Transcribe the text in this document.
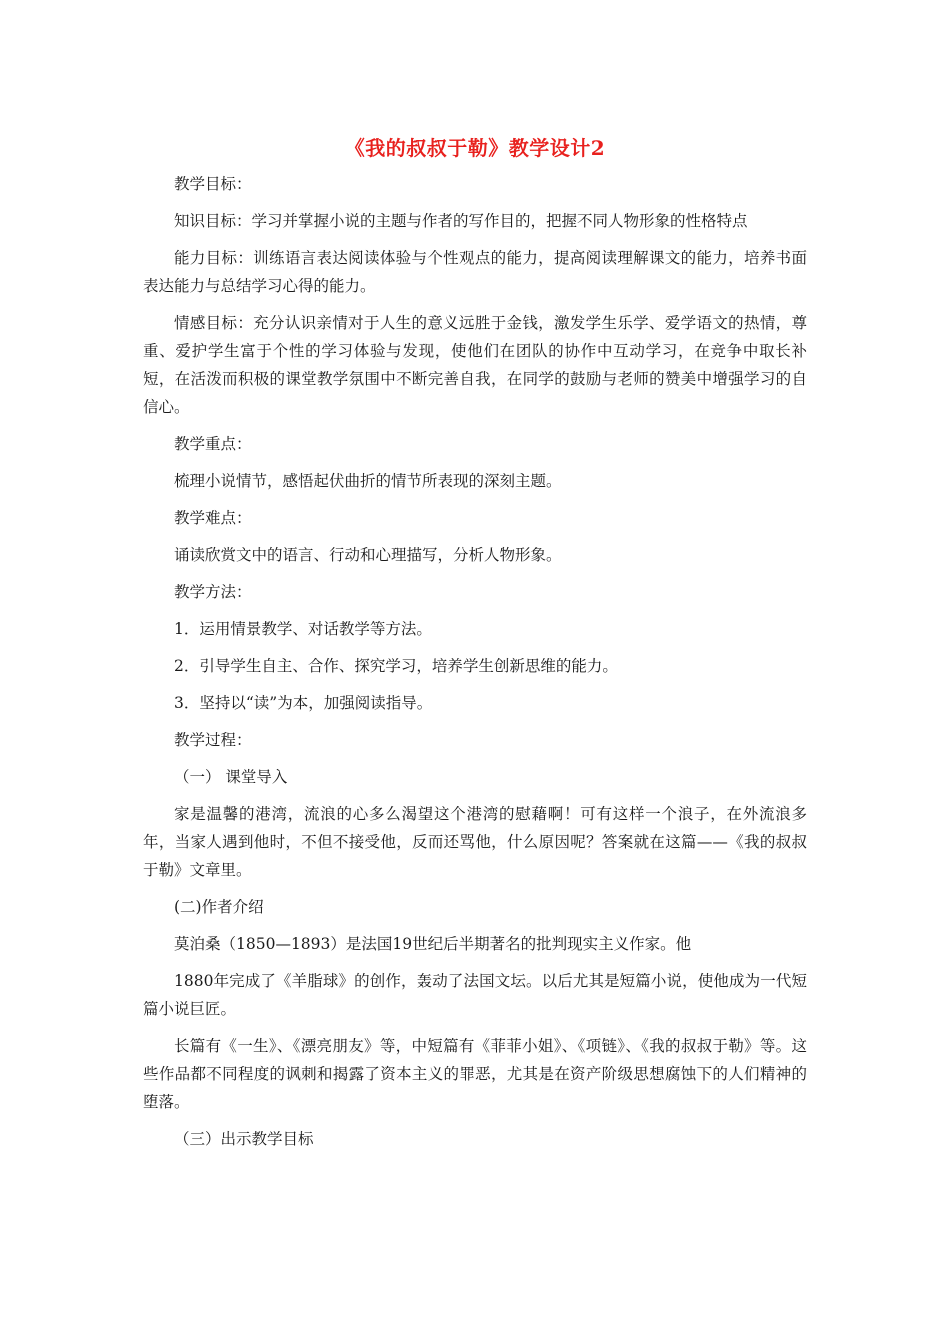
《我的叔叔于勒》教学设计2

教学目标：

知识目标：学习并掌握小说的主题与作者的写作目的，把握不同人物形象的性格特点

能力目标：训练语言表达阅读体验与个性观点的能力，提高阅读理解课文的能力，培养书面表达能力与总结学习心得的能力。

情感目标：充分认识亲情对于人生的意义远胜于金钱，激发学生乐学、爱学语文的热情，尊重、爱护学生富于个性的学习体验与发现，使他们在团队的协作中互动学习，在竞争中取长补短，在活泼而积极的课堂教学氛围中不断完善自我，在同学的鼓励与老师的赞美中增强学习的自信心。

教学重点：

梳理小说情节，感悟起伏曲折的情节所表现的深刻主题。

教学难点：

诵读欣赏文中的语言、行动和心理描写，分析人物形象。

教学方法：

1．运用情景教学、对话教学等方法。

2．引导学生自主、合作、探究学习，培养学生创新思维的能力。

3．坚持以“读”为本，加强阅读指导。

教学过程：

（一） 课堂导入

家是温馨的港湾，流浪的心多么渴望这个港湾的慰藉啊！可有这样一个浪子，在外流浪多年，当家人遇到他时，不但不接受他，反而还骂他，什么原因呢？答案就在这篇——《我的叔叔于勒》文章里。

(二)作者介绍

莫泊桑（1850—1893）是法国19世纪后半期著名的批判现实主义作家。他

1880年完成了《羊脂球》的创作，轰动了法国文坛。以后尤其是短篇小说，使他成为一代短篇小说巨匠。

长篇有《一生》、《漂亮朋友》等，中短篇有《菲菲小姐》、《项链》、《我的叔叔于勒》等。这些作品都不同程度的讽刺和揭露了资本主义的罪恶，尤其是在资产阶级思想腐蚀下的人们精神的堕落。

（三）出示教学目标
